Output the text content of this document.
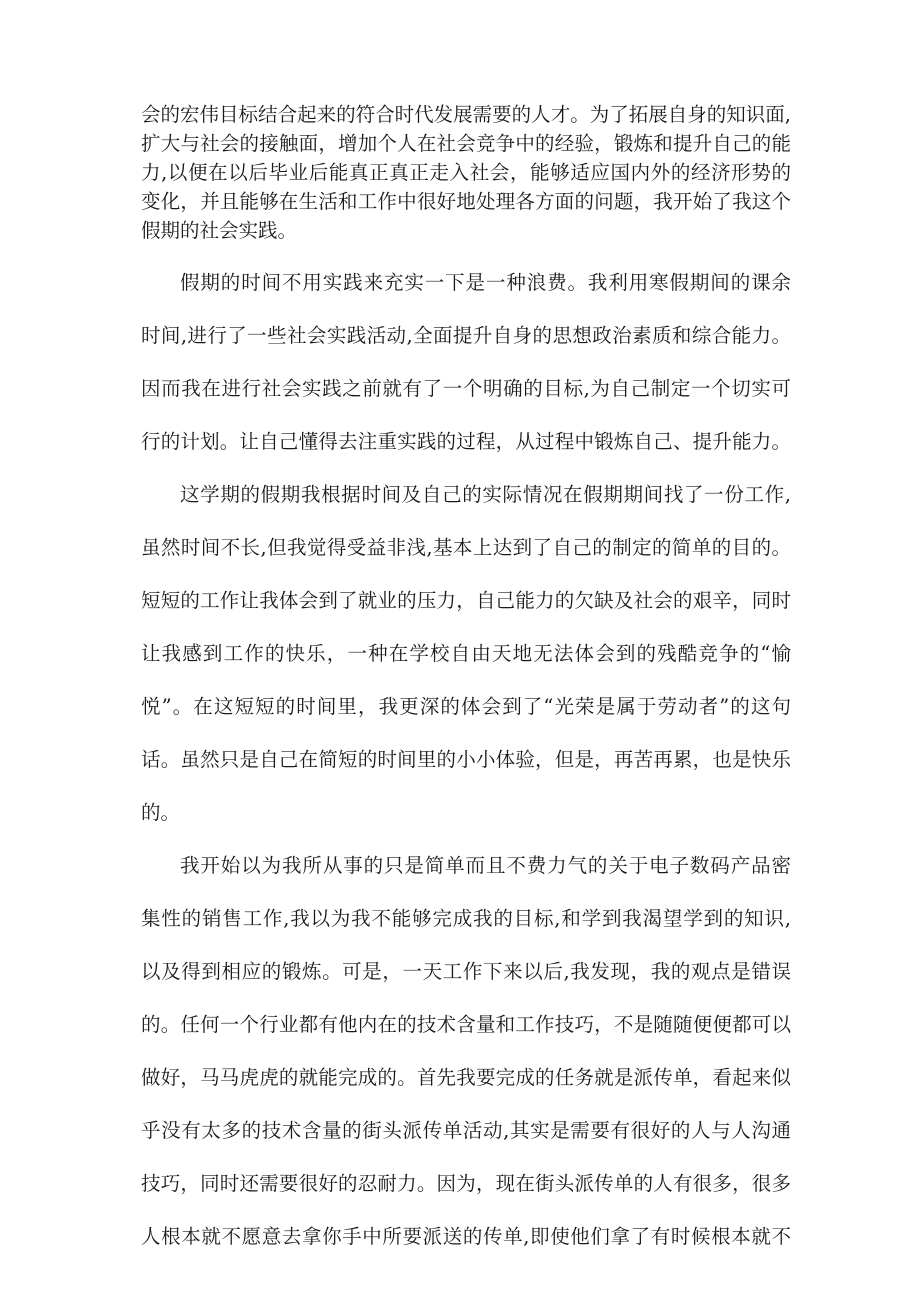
会的宏伟目标结合起来的符合时代发展需要的人才。为了拓展自身的知识面,
扩大与社会的接触面，增加个人在社会竞争中的经验，锻炼和提升自己的能
力,以便在以后毕业后能真正真正走入社会，能够适应国内外的经济形势的
变化，并且能够在生活和工作中很好地处理各方面的问题，我开始了我这个
假期的社会实践。
假期的时间不用实践来充实一下是一种浪费。我利用寒假期间的课余
时间,进行了一些社会实践活动,全面提升自身的思想政治素质和综合能力。
因而我在进行社会实践之前就有了一个明确的目标,为自己制定一个切实可
行的计划。让自己懂得去注重实践的过程，从过程中锻炼自己、提升能力。
这学期的假期我根据时间及自己的实际情况在假期期间找了一份工作,
虽然时间不长,但我觉得受益非浅,基本上达到了自己的制定的简单的目的。
短短的工作让我体会到了就业的压力，自己能力的欠缺及社会的艰辛，同时
让我感到工作的快乐，一种在学校自由天地无法体会到的残酷竞争的“愉
悦”。在这短短的时间里，我更深的体会到了“光荣是属于劳动者”的这句
话。虽然只是自己在简短的时间里的小小体验，但是，再苦再累，也是快乐
的。
我开始以为我所从事的只是简单而且不费力气的关于电子数码产品密
集性的销售工作,我以为我不能够完成我的目标,和学到我渴望学到的知识,
以及得到相应的锻炼。可是，一天工作下来以后,我发现，我的观点是错误
的。任何一个行业都有他内在的技术含量和工作技巧，不是随随便便都可以
做好，马马虎虎的就能完成的。首先我要完成的任务就是派传单，看起来似
乎没有太多的技术含量的街头派传单活动,其实是需要有很好的人与人沟通
技巧，同时还需要很好的忍耐力。因为，现在街头派传单的人有很多，很多
人根本就不愿意去拿你手中所要派送的传单,即使他们拿了有时候根本就不
